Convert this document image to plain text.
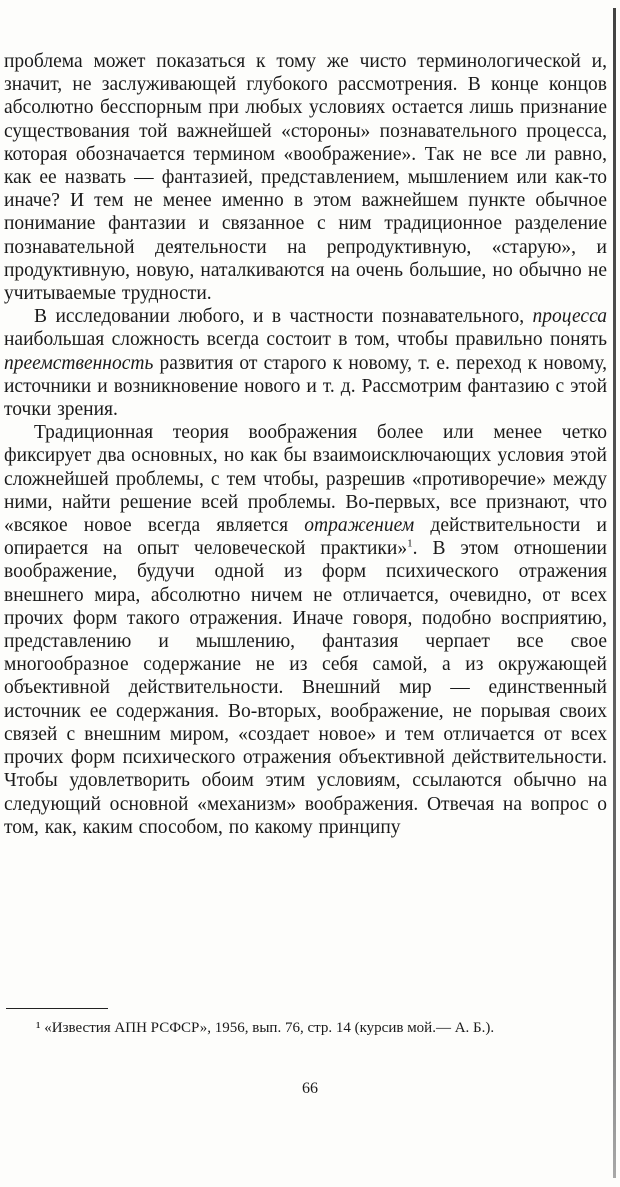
проблема может показаться к тому же чисто терминологической и, значит, не заслуживающей глубокого рассмотрения. В конце концов абсолютно бесспорным при любых условиях остается лишь признание существования той важнейшей «стороны» познавательного процесса, которая обозначается термином «воображение». Так не все ли равно, как ее назвать — фантазией, представлением, мышлением или как-то иначе? И тем не менее именно в этом важнейшем пункте обычное понимание фантазии и связанное с ним традиционное разделение познавательной деятельности на репродуктивную, «старую», и продуктивную, новую, наталкиваются на очень большие, но обычно не учитываемые трудности.

В исследовании любого, и в частности познавательного, процесса наибольшая сложность всегда состоит в том, чтобы правильно понять преемственность развития от старого к новому, т. е. переход к новому, источники и возникновение нового и т. д. Рассмотрим фантазию с этой точки зрения.

Традиционная теория воображения более или менее четко фиксирует два основных, но как бы взаимоисключающих условия этой сложнейшей проблемы, с тем чтобы, разрешив «противоречие» между ними, найти решение всей проблемы. Во-первых, все признают, что «всякое новое всегда является отражением действительности и опирается на опыт человеческой практики»$^1$. В этом отношении воображение, будучи одной из форм психического отражения внешнего мира, абсолютно ничем не отличается, очевидно, от всех прочих форм такого отражения. Иначе говоря, подобно восприятию, представлению и мышлению, фантазия черпает все свое многообразное содержание не из себя самой, а из окружающей объективной действительности. Внешний мир — единственный источник ее содержания. Во-вторых, воображение, не порывая своих связей с внешним миром, «создает новое» и тем отличается от всех прочих форм психического отражения объективной действительности. Чтобы удовлетворить обоим этим условиям, ссылаются обычно на следующий основной «механизм» воображения. Отвечая на вопрос о том, как, каким способом, по какому принципу

¹ «Известия АПН РСФСР», 1956, вып. 76, стр. 14 (курсив мой.— А. Б.).

66
